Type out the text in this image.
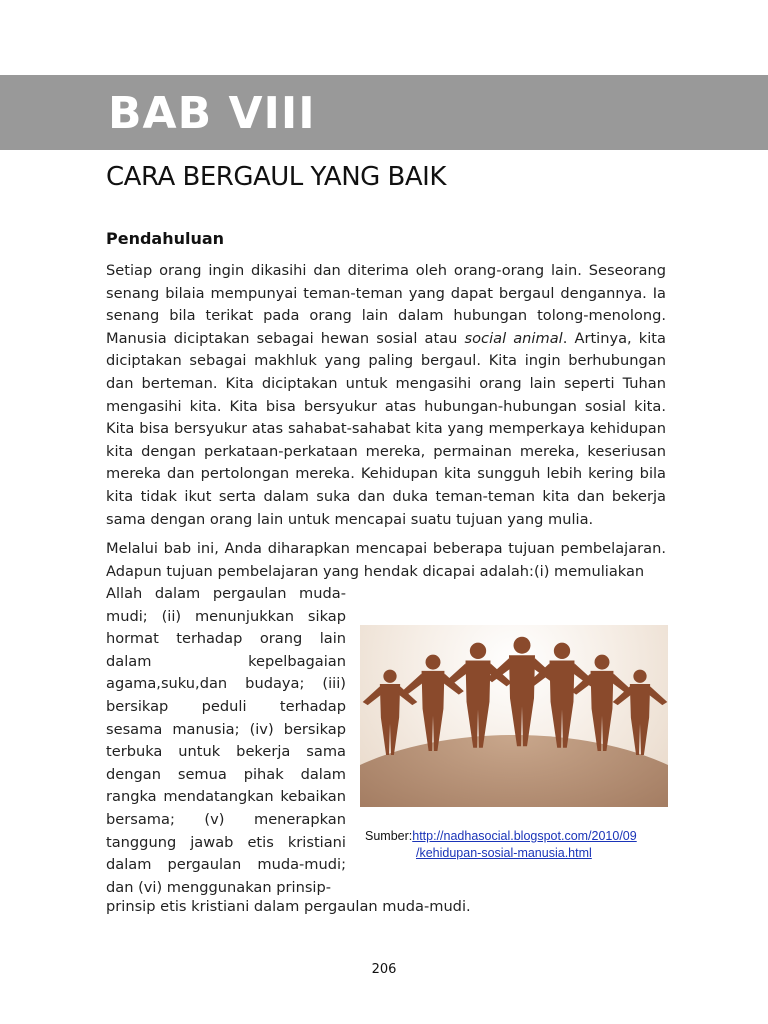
BAB VIII
CARA BERGAUL YANG BAIK
Pendahuluan
Setiap orang ingin dikasihi dan diterima oleh orang-orang lain. Seseorang senang bilaia mempunyai teman-teman yang dapat bergaul dengannya. Ia senang bila terikat pada orang lain dalam hubungan tolong-menolong. Manusia diciptakan sebagai hewan sosial atau social animal. Artinya, kita diciptakan sebagai makhluk yang paling bergaul. Kita ingin berhubungan dan berteman. Kita diciptakan untuk mengasihi orang lain seperti Tuhan mengasihi kita. Kita bisa bersyukur atas hubungan-hubungan sosial kita. Kita bisa bersyukur atas sahabat-sahabat kita yang memperkaya kehidupan kita dengan perkataan-perkataan mereka, permainan mereka, keseriusan mereka dan pertolongan mereka. Kehidupan kita sungguh lebih kering bila kita tidak ikut serta dalam suka dan duka teman-teman kita dan bekerja sama dengan orang lain untuk mencapai suatu tujuan yang mulia.
Melalui bab ini, Anda diharapkan mencapai beberapa tujuan pembelajaran. Adapun tujuan pembelajaran yang hendak dicapai adalah:(i) memuliakan
Allah dalam pergaulan muda-mudi; (ii) menunjukkan sikap hormat terhadap orang lain dalam kepelbagaian agama,suku,dan budaya; (iii) bersikap peduli terhadap sesama manusia; (iv) bersikap terbuka untuk bekerja sama dengan semua pihak dalam rangka mendatangkan kebaikan bersama; (v) menerapkan tanggung jawab etis kristiani dalam pergaulan muda-mudi; dan (vi) menggunakan prinsip-
prinsip etis kristiani dalam pergaulan muda-mudi.
Sumber:http://nadhasocial.blogspot.com/2010/09
/kehidupan-sosial-manusia.html
206
